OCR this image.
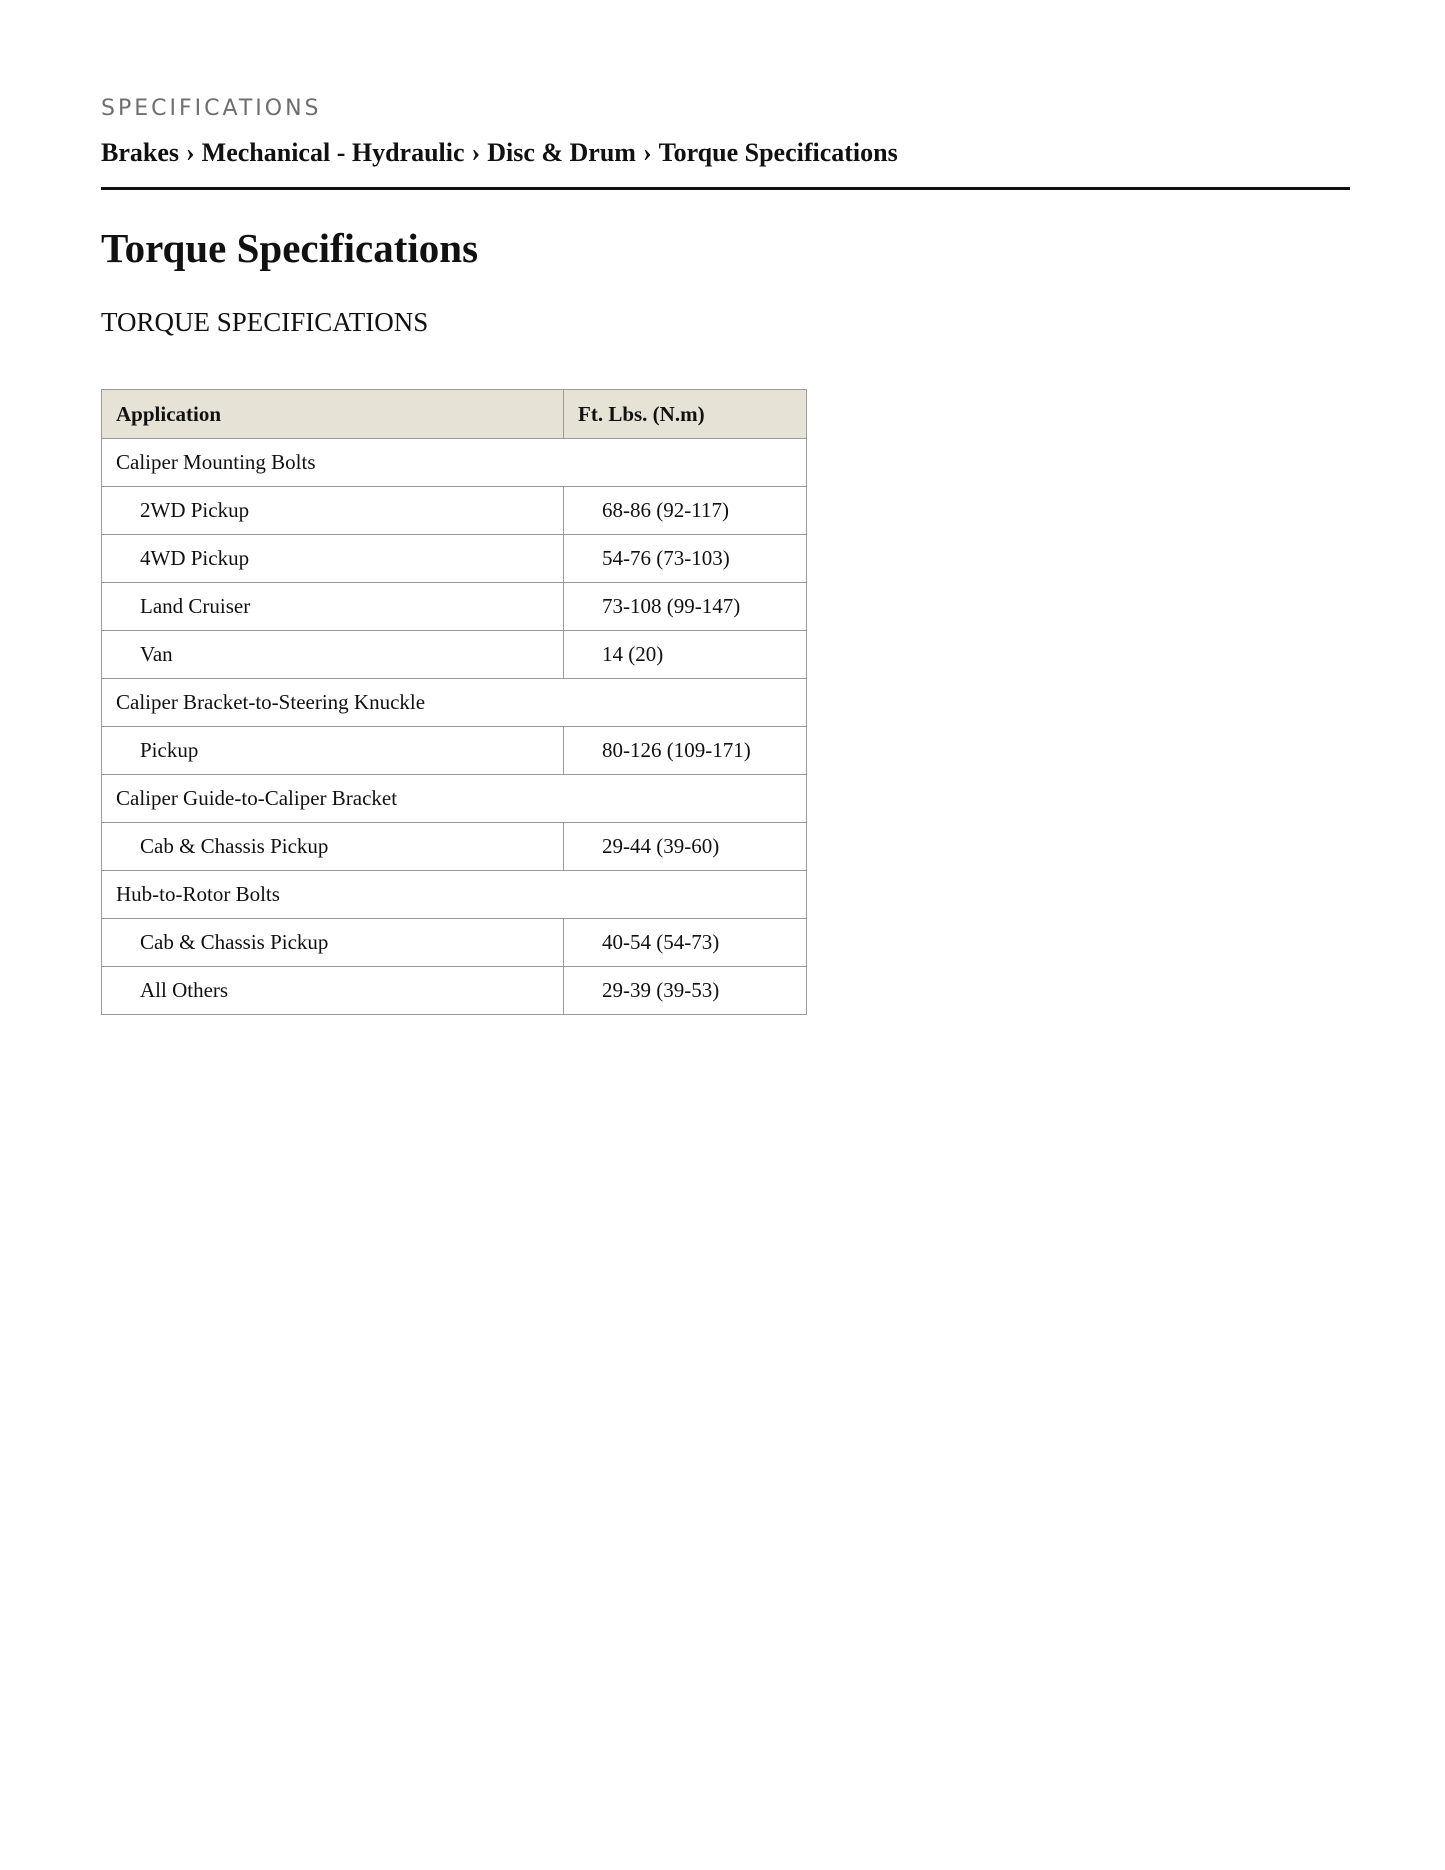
SPECIFICATIONS
Brakes › Mechanical - Hydraulic › Disc & Drum › Torque Specifications
Torque Specifications
TORQUE SPECIFICATIONS
Application	Ft. Lbs. (N.m)
Caliper Mounting Bolts	
2WD Pickup	68-86 (92-117)
4WD Pickup	54-76 (73-103)
Land Cruiser	73-108 (99-147)
Van	14 (20)
Caliper Bracket-to-Steering Knuckle	
Pickup	80-126 (109-171)
Caliper Guide-to-Caliper Bracket	
Cab & Chassis Pickup	29-44 (39-60)
Hub-to-Rotor Bolts	
Cab & Chassis Pickup	40-54 (54-73)
All Others	29-39 (39-53)
